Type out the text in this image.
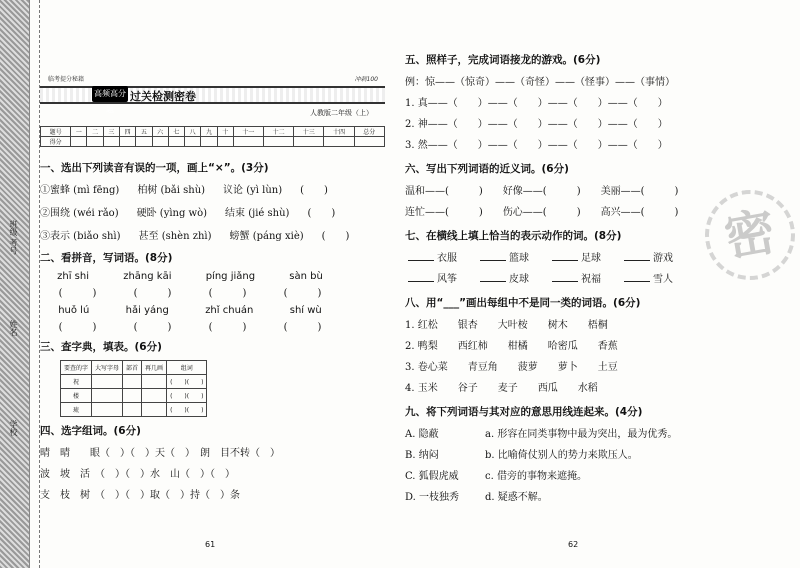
班级 考号
姓名
学校
临考提分秘籍	冲刺100
高频高分题
过关检测密卷
人教版二年级（上）
题号	一	二	三	四	五	六	七	八	九	十	十一	十二	十三	十四	总分
得分															
一、选出下列读音有误的一项，画上“×”。(3分)
①蜜蜂 (mì fēng) 柏树 (bǎi shù) 议论 (yì lùn) (　　)
②围绕 (wéi rǎo) 硬卧 (yìng wò) 结束 (jié shù) (　　)
③表示 (biǎo shì) 甚至 (shèn zhì) 螃蟹 (páng xiè) (　　)
二、看拼音，写词语。(8分)
zhī shi	zhāng kāi	píng jiǎng	sàn bù
(　　　)	(　　　)	(　　　)	(　　　)
huǒ lú	hǎi yáng	zhǐ chuán	shí wù
(　　　)	(　　　)	(　　　)	(　　　)
三、查字典，填表。(6分)
要查的字	大写字母	部首	再几画	组词
祝				(　　)(　　)
楼				(　　)(　　)
琉				(　　)(　　)
四、选字组词。(6分)
晴　晴　　眼（　）（　）天（　）　朗　目不转（　）
波　坡　活　（　）（　）水　山（　）（　）
支　枝　树　（　）（　）取（　）持（　）条
61
五、照样子，完成词语接龙的游戏。(6分)
例：惊——（惊奇）——（奇怪）——（怪事）——（事情）
1. 真——（　　）——（　　）——（　　）——（　　）
2. 神——（　　）——（　　）——（　　）——（　　）
3. 然——（　　）——（　　）——（　　）——（　　）
六、写出下列词语的近义词。(6分)
温和——(　　　)　　好像——(　　　)　　美丽——(　　　)
连忙——(　　　)　　伤心——(　　　)　　高兴——(　　　)
七、在横线上填上恰当的表示动作的词。(8分)
衣服　　	篮球　　	足球　　	游戏　　
风筝　　	皮球　　	祝福　　	雪人　　
八、用“___”画出每组中不是同一类的词语。(6分)
1. 红松　　银杏　　大叶桉　　树木　　梧桐
2. 鸭梨　　西红柿　　柑橘　　哈密瓜　　香蕉
3. 卷心菜　　青豆角　　菠萝　　萝卜　　土豆
4. 玉米　　谷子　　麦子　　西瓜　　水稻
九、将下列词语与其对应的意思用线连起来。(4分)
A. 隐蔽	a. 形容在同类事物中最为突出，最为优秀。
B. 纳闷	b. 比喻倚仗别人的势力来欺压人。
C. 狐假虎威	c. 借旁的事物来遮掩。
D. 一枝独秀	d. 疑惑不解。
62
密
